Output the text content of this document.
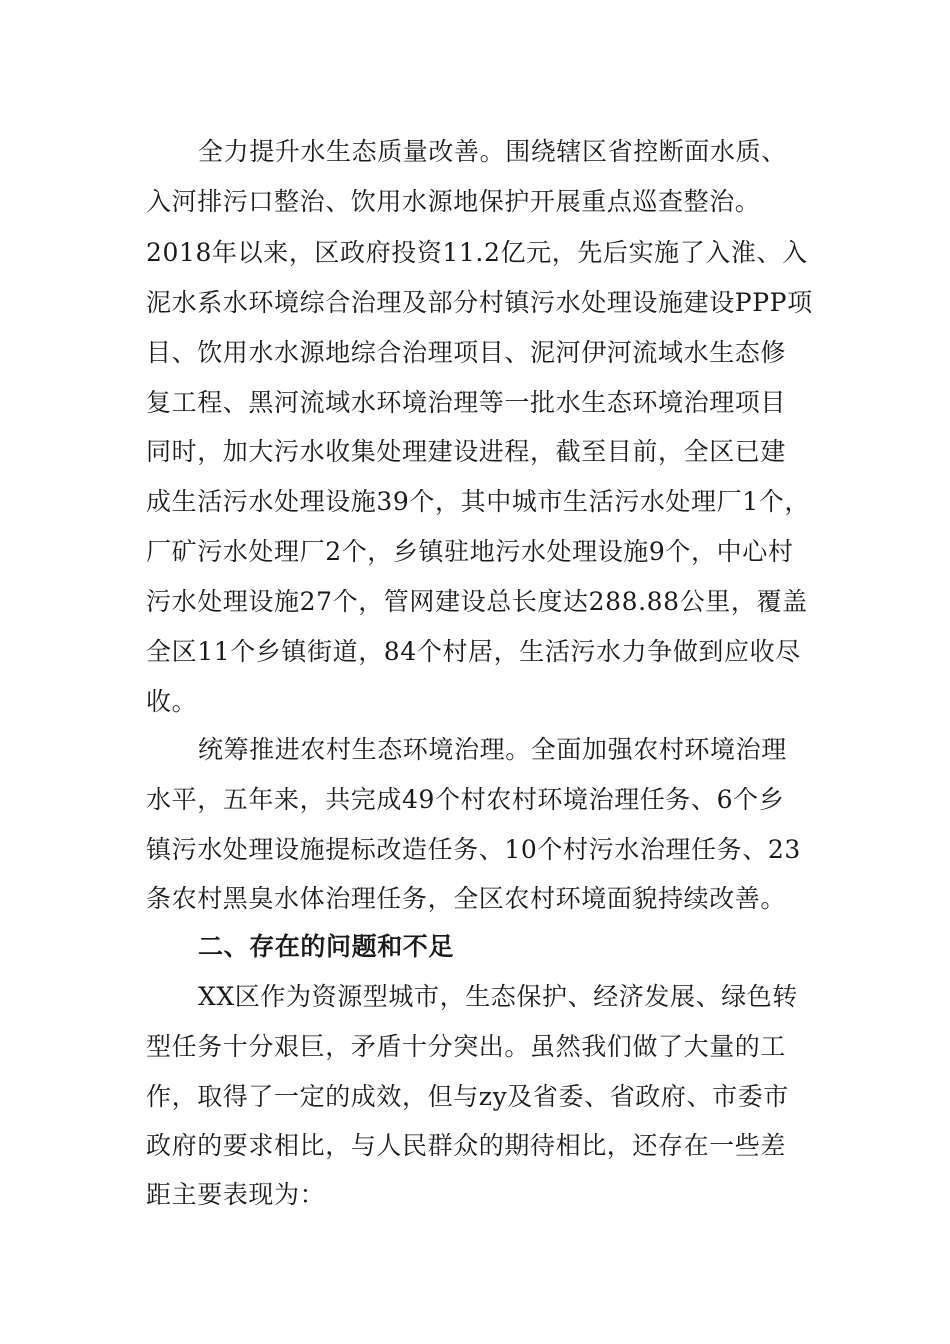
全力提升水生态质量改善。围绕辖区省控断面水质、

入河排污口整治、饮用水源地保护开展重点巡查整治。

2018年以来，区政府投资11.2亿元，先后实施了入淮、入

泥水系水环境综合治理及部分村镇污水处理设施建设PPP项

目、饮用水水源地综合治理项目、泥河伊河流域水生态修

复工程、黑河流域水环境治理等一批水生态环境治理项目

同时，加大污水收集处理建设进程，截至目前，全区已建

成生活污水处理设施39个，其中城市生活污水处理厂1个，

厂矿污水处理厂2个，乡镇驻地污水处理设施9个，中心村

污水处理设施27个，管网建设总长度达288.88公里，覆盖

全区11个乡镇街道，84个村居，生活污水力争做到应收尽

收。

统筹推进农村生态环境治理。全面加强农村环境治理

水平，五年来，共完成49个村农村环境治理任务、6个乡

镇污水处理设施提标改造任务、10个村污水治理任务、23

条农村黑臭水体治理任务，全区农村环境面貌持续改善。

二、存在的问题和不足

XX区作为资源型城市，生态保护、经济发展、绿色转

型任务十分艰巨，矛盾十分突出。虽然我们做了大量的工

作，取得了一定的成效，但与zy及省委、省政府、市委市

政府的要求相比，与人民群众的期待相比，还存在一些差

距主要表现为：
